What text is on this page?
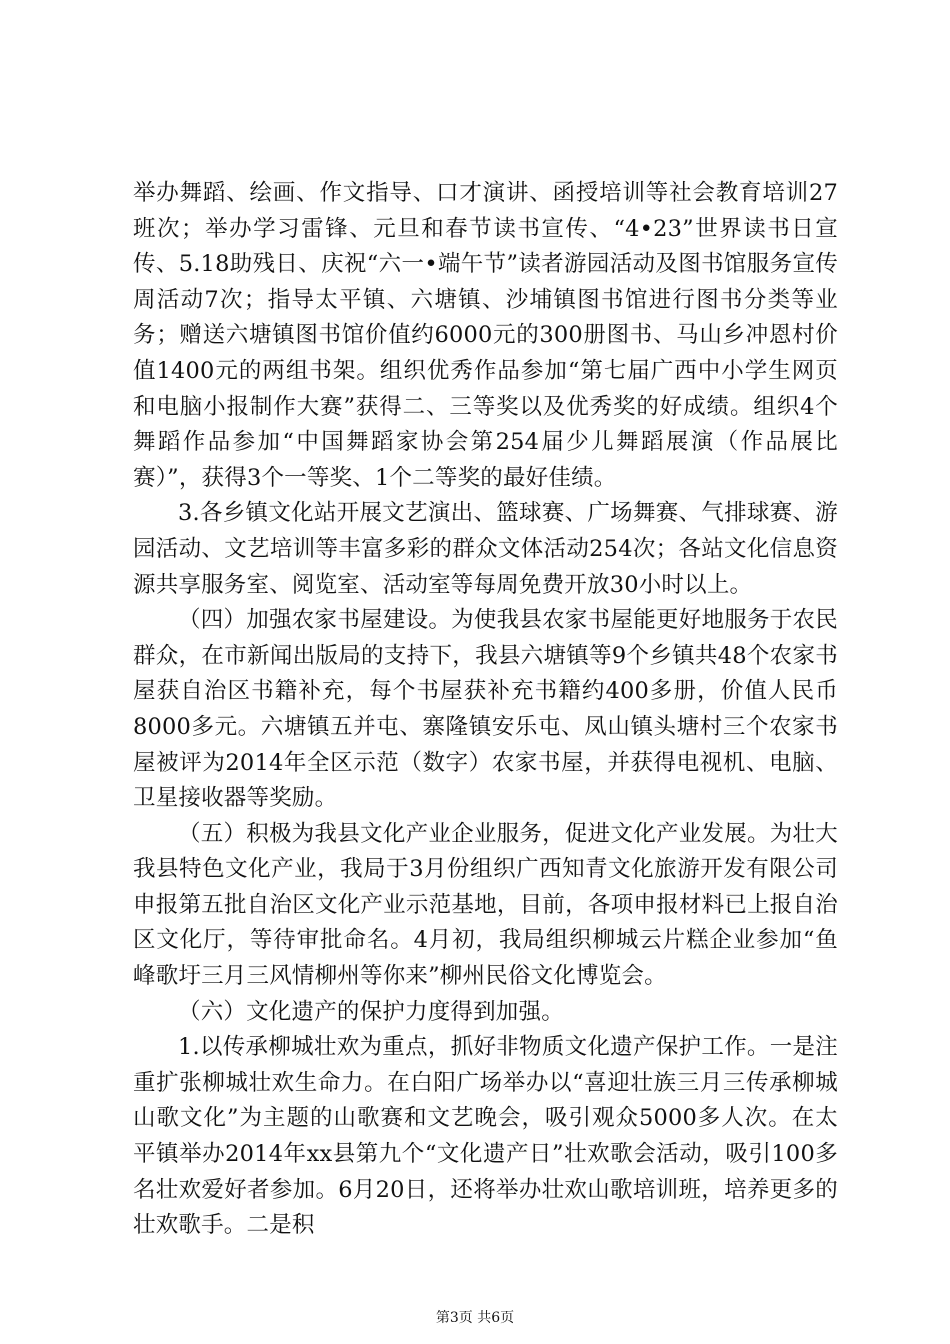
举办舞蹈、绘画、作文指导、口才演讲、函授培训等社会教育培训27班次；举办学习雷锋、元旦和春节读书宣传、“4•23”世界读书日宣传、5.18助残日、庆祝“六一•端午节”读者游园活动及图书馆服务宣传周活动7次；指导太平镇、六塘镇、沙埔镇图书馆进行图书分类等业务；赠送六塘镇图书馆价值约6000元的300册图书、马山乡冲恩村价值1400元的两组书架。组织优秀作品参加“第七届广西中小学生网页和电脑小报制作大赛”获得二、三等奖以及优秀奖的好成绩。组织4个舞蹈作品参加“中国舞蹈家协会第254届少儿舞蹈展演（作品展比赛）”，获得3个一等奖、1个二等奖的最好佳绩。

3.各乡镇文化站开展文艺演出、篮球赛、广场舞赛、气排球赛、游园活动、文艺培训等丰富多彩的群众文体活动254次；各站文化信息资源共享服务室、阅览室、活动室等每周免费开放30小时以上。

（四）加强农家书屋建设。为使我县农家书屋能更好地服务于农民群众，在市新闻出版局的支持下，我县六塘镇等9个乡镇共48个农家书屋获自治区书籍补充，每个书屋获补充书籍约400多册，价值人民币8000多元。六塘镇五并屯、寨隆镇安乐屯、凤山镇头塘村三个农家书屋被评为2014年全区示范（数字）农家书屋，并获得电视机、电脑、卫星接收器等奖励。

（五）积极为我县文化产业企业服务，促进文化产业发展。为壮大我县特色文化产业，我局于3月份组织广西知青文化旅游开发有限公司申报第五批自治区文化产业示范基地，目前，各项申报材料已上报自治区文化厅，等待审批命名。4月初，我局组织柳城云片糕企业参加“鱼峰歌圩三月三风情柳州等你来”柳州民俗文化博览会。

（六）文化遗产的保护力度得到加强。

1.以传承柳城壮欢为重点，抓好非物质文化遗产保护工作。一是注重扩张柳城壮欢生命力。在白阳广场举办以“喜迎壮族三月三传承柳城山歌文化”为主题的山歌赛和文艺晚会，吸引观众5000多人次。在太平镇举办2014年xx县第九个“文化遗产日”壮欢歌会活动，吸引100多名壮欢爱好者参加。6月20日，还将举办壮欢山歌培训班，培养更多的壮欢歌手。二是积

第3页 共6页
